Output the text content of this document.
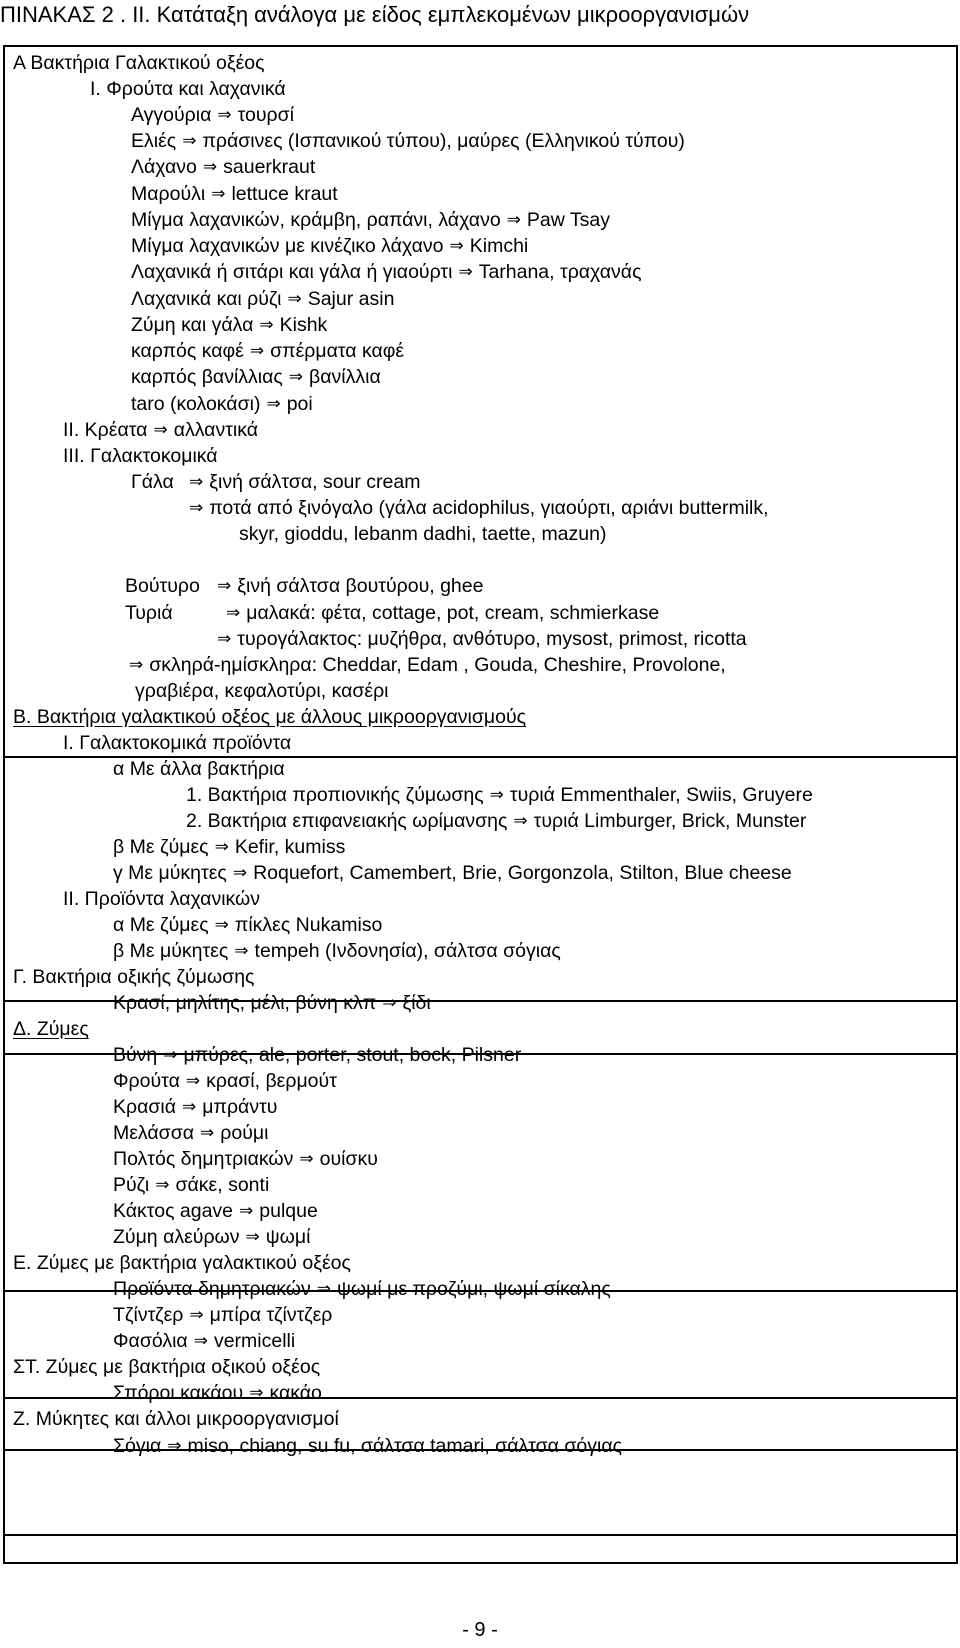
ΠΙΝΑΚΑΣ 2 . ΙΙ. Κατάταξη ανάλογα με είδος εμπλεκομένων μικροοργανισμών
Α Βακτήρια Γαλακτικού οξέος
Ι. Φρούτα και λαχανικά
Αγγούρια ⇒ τουρσί
Ελιές ⇒ πράσινες (Ισπανικού τύπου), μαύρες (Ελληνικού τύπου)
Λάχανο ⇒ sauerkraut
Μαρούλι ⇒ lettuce kraut
Μίγμα λαχανικών, κράμβη, ραπάνι, λάχανο ⇒ Paw Tsay
Μίγμα λαχανικών με κινέζικο λάχανο ⇒ Kimchi
Λαχανικά ή σιτάρι και γάλα ή γιαούρτι ⇒ Tarhana, τραχανάς
Λαχανικά και ρύζι ⇒ Sajur asin
Ζύμη και γάλα ⇒ Kishk
καρπός καφέ ⇒ σπέρματα καφέ
καρπός βανίλλιας ⇒ βανίλλια
taro (κολοκάσι) ⇒ poi
ΙΙ. Κρέατα ⇒ αλλαντικά
ΙΙΙ. Γαλακτοκομικά
Γάλα ⇒ ξινή σάλτσα, sour cream
⇒ ποτά από ξινόγαλο (γάλα acidophilus, γιαούρτι, αριάνι buttermilk,
skyr, gioddu, lebanm dadhi, taette, mazun)
Βούτυρο	⇒ ξινή σάλτσα βουτύρου, ghee
Τυριά	⇒ μαλακά: φέτα, cottage, pot, cream, schmierkase
⇒ τυρογάλακτος: μυζήθρα, ανθότυρο, mysost, primost, ricotta
⇒ σκληρά-ημίσκληρα: Cheddar, Edam , Gouda, Cheshire, Provolone,
γραβιέρα, κεφαλοτύρι, κασέρι
Β. Βακτήρια γαλακτικού οξέος με άλλους μικροοργανισμούς
Ι. Γαλακτοκομικά προϊόντα
α Με άλλα βακτήρια
1. Βακτήρια προπιονικής ζύμωσης ⇒ τυριά Emmenthaler, Swiis, Gruyere
2. Βακτήρια επιφανειακής ωρίμανσης ⇒ τυριά Limburger, Brick, Munster
β Με ζύμες ⇒ Kefir, kumiss
γ Με μύκητες ⇒ Roquefort, Camembert, Brie, Gorgonzola, Stilton, Blue cheese
ΙΙ. Προϊόντα λαχανικών
α Με ζύμες ⇒ πίκλες Nukamiso
β Με μύκητες ⇒ tempeh (Ινδονησία), σάλτσα σόγιας
Γ. Βακτήρια οξικής ζύμωσης
Κρασί, μηλίτης, μέλι, βύνη κλπ ⇒ ξίδι
Δ. Ζύμες
Βύνη ⇒ μπύρες, ale, porter, stout, bock, Pilsner
Φρούτα ⇒ κρασί, βερμούτ
Κρασιά ⇒ μπράντυ
Μελάσσα ⇒ ρούμι
Πολτός δημητριακών ⇒ ουίσκυ
Ρύζι ⇒ σάκε, sonti
Κάκτος agave ⇒ pulque
Ζύμη αλεύρων ⇒ ψωμί
Ε. Ζύμες με βακτήρια γαλακτικού οξέος
Προϊόντα δημητριακών ⇒ ψωμί με προζύμι, ψωμί σίκαλης
Τζίντζερ ⇒ μπίρα τζίντζερ
Φασόλια ⇒ vermicelli
ΣΤ. Ζύμες με βακτήρια οξικού οξέος
Σπόροι κακάου ⇒ κακάο
Ζ. Μύκητες και άλλοι μικροοργανισμοί
Σόγια ⇒ miso, chiang, su fu, σάλτσα tamari, σάλτσα σόγιας
- 9 -
